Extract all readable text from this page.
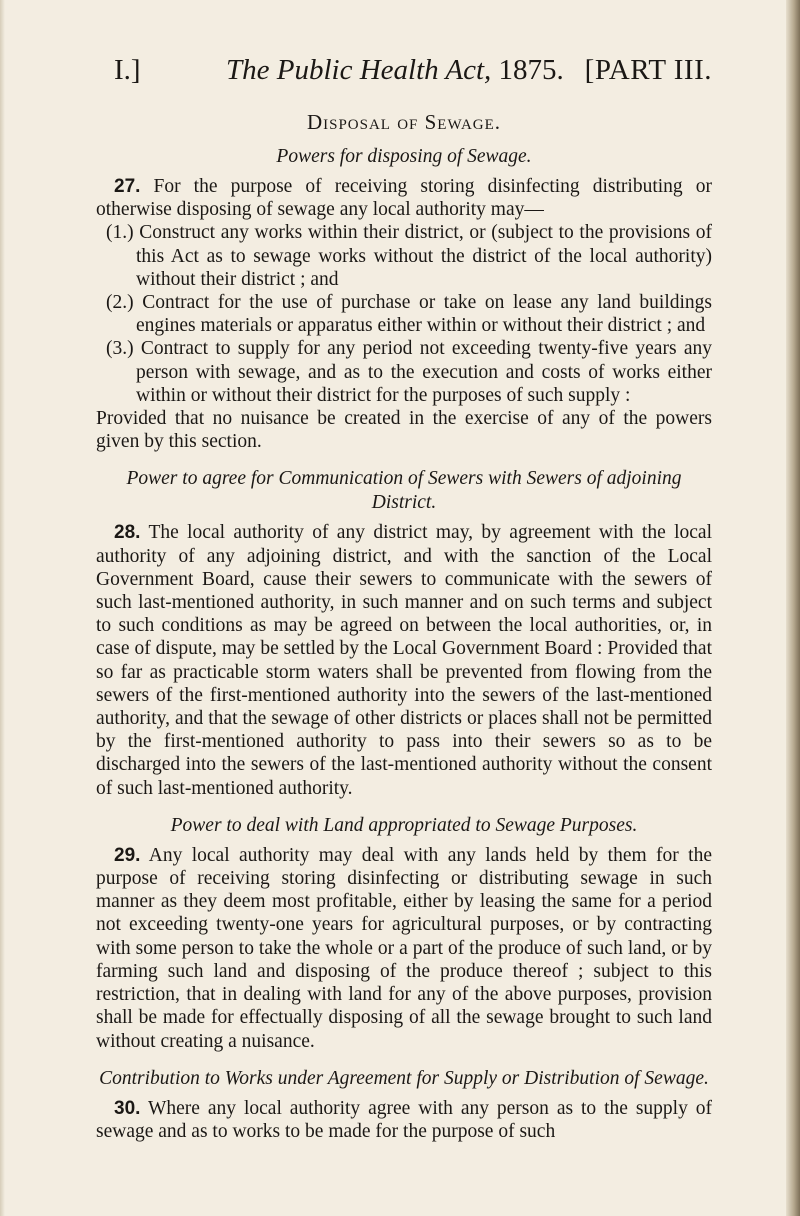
I.]	The Public Health Act, 1875. [PART III.
Disposal of Sewage.
Powers for disposing of Sewage.

27. For the purpose of receiving storing disinfecting distributing or otherwise disposing of sewage any local authority may—

(1.) Construct any works within their district, or (subject to the provisions of this Act as to sewage works without the district of the local authority) without their district ; and

(2.) Contract for the use of purchase or take on lease any land buildings engines materials or apparatus either within or without their district ; and

(3.) Contract to supply for any period not exceeding twenty-five years any person with sewage, and as to the execution and costs of works either within or without their district for the purposes of such supply :

Provided that no nuisance be created in the exercise of any of the powers given by this section.

Power to agree for Communication of Sewers with Sewers of adjoining District.

28. The local authority of any district may, by agreement with the local authority of any adjoining district, and with the sanction of the Local Government Board, cause their sewers to communicate with the sewers of such last-mentioned authority, in such manner and on such terms and subject to such conditions as may be agreed on between the local authorities, or, in case of dispute, may be settled by the Local Government Board : Provided that so far as practicable storm waters shall be prevented from flowing from the sewers of the first-mentioned authority into the sewers of the last-mentioned authority, and that the sewage of other districts or places shall not be permitted by the first-mentioned authority to pass into their sewers so as to be discharged into the sewers of the last-mentioned authority without the consent of such last-mentioned authority.

Power to deal with Land appropriated to Sewage Purposes.

29. Any local authority may deal with any lands held by them for the purpose of receiving storing disinfecting or distributing sewage in such manner as they deem most profitable, either by leasing the same for a period not exceeding twenty-one years for agricultural purposes, or by contracting with some person to take the whole or a part of the produce of such land, or by farming such land and disposing of the produce thereof ; subject to this restriction, that in dealing with land for any of the above purposes, provision shall be made for effectually disposing of all the sewage brought to such land without creating a nuisance.

Contribution to Works under Agreement for Supply or Distribution of Sewage.

30. Where any local authority agree with any person as to the supply of sewage and as to works to be made for the purpose of such
